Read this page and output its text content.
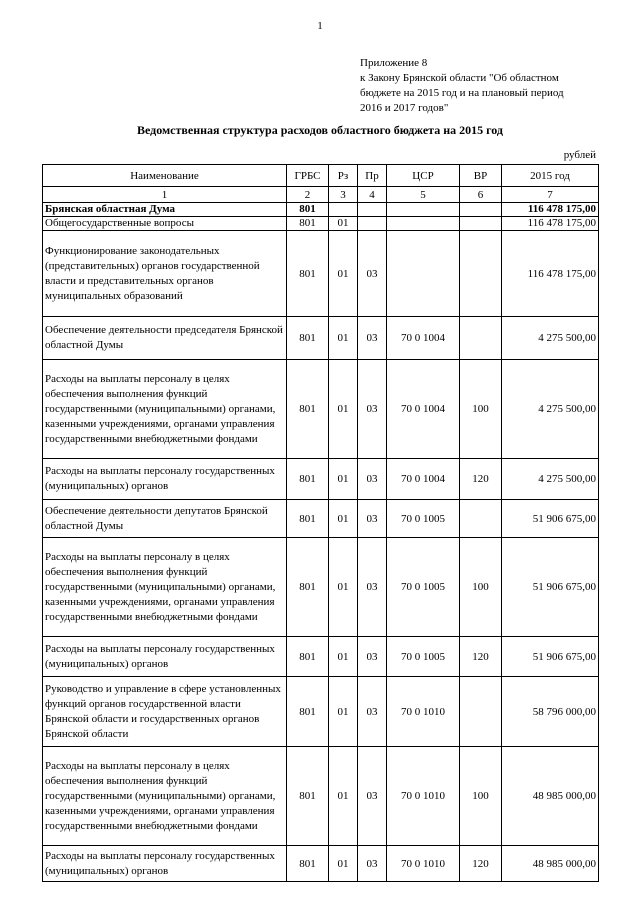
1
Приложение 8
к Закону Брянской области "Об областном
бюджете на 2015 год и на плановый период
2016 и 2017 годов"
Ведомственная структура расходов областного бюджета на 2015 год
рублей
Наименование	ГРБС	Рз	Пр	ЦСР	ВР	2015 год
1	2	3	4	5	6	7
Брянская областная Дума	801					116 478 175,00
Общегосударственные вопросы	801	01				116 478 175,00
Функционирование законодательных (представительных) органов государственной власти и представительных органов муниципальных образований	801	01	03			116 478 175,00
Обеспечение деятельности председателя Брянской областной Думы	801	01	03	70 0 1004		4 275 500,00
Расходы на выплаты персоналу в целях обеспечения выполнения функций государственными (муниципальными) органами, казенными учреждениями, органами управления государственными внебюджетными фондами	801	01	03	70 0 1004	100	4 275 500,00
Расходы на выплаты персоналу государственных (муниципальных) органов	801	01	03	70 0 1004	120	4 275 500,00
Обеспечение деятельности депутатов Брянской областной Думы	801	01	03	70 0 1005		51 906 675,00
Расходы на выплаты персоналу в целях обеспечения выполнения функций государственными (муниципальными) органами, казенными учреждениями, органами управления государственными внебюджетными фондами	801	01	03	70 0 1005	100	51 906 675,00
Расходы на выплаты персоналу государственных (муниципальных) органов	801	01	03	70 0 1005	120	51 906 675,00
Руководство и управление в сфере установленных функций органов государственной власти Брянской области и государственных органов Брянской области	801	01	03	70 0 1010		58 796 000,00
Расходы на выплаты персоналу в целях обеспечения выполнения функций государственными (муниципальными) органами, казенными учреждениями, органами управления государственными внебюджетными фондами	801	01	03	70 0 1010	100	48 985 000,00
Расходы на выплаты персоналу государственных (муниципальных) органов	801	01	03	70 0 1010	120	48 985 000,00
